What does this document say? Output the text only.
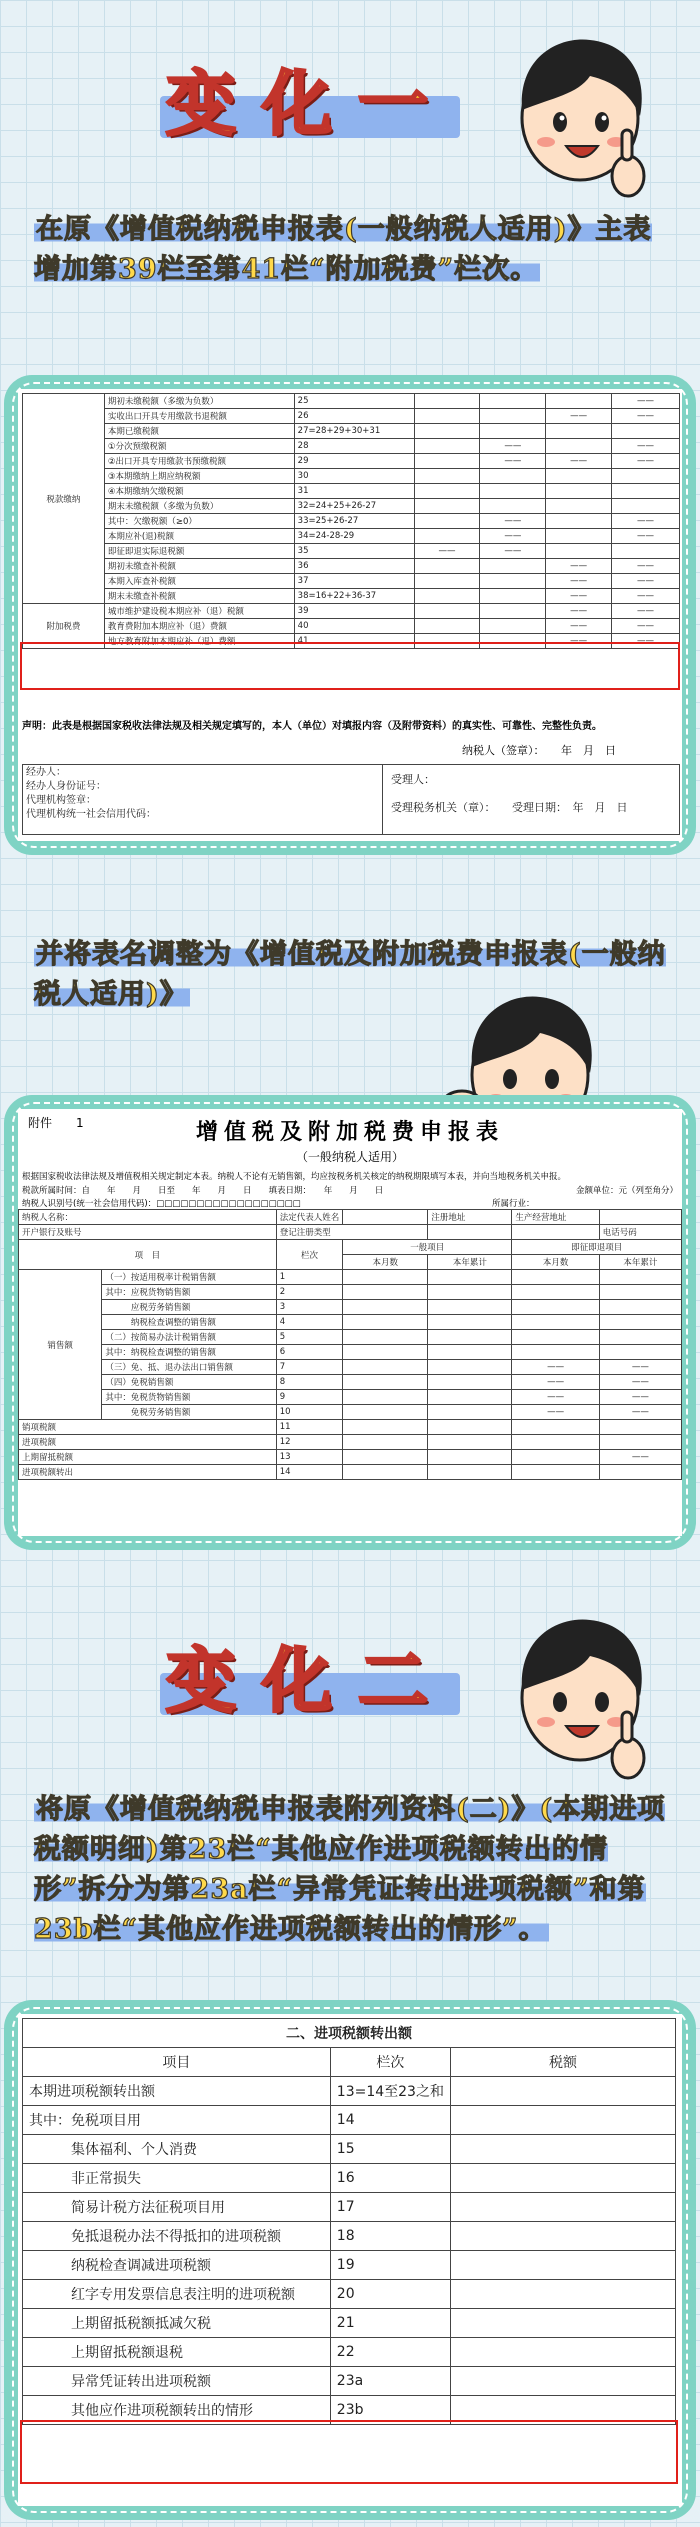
变化一
在原《增值税纳税申报表(一般纳税人适用)》主表增加第39栏至第41栏“附加税费”栏次。
税款缴纳	期初未缴税额（多缴为负数）	25				——
	实收出口开具专用缴款书退税额	26			——	——
	本期已缴税额	27=28+29+30+31				
	①分次预缴税额	28		——		——
	②出口开具专用缴款书预缴税额	29		——	——	——
	③本期缴纳上期应纳税额	30				
	④本期缴纳欠缴税额	31				
	期末未缴税额（多缴为负数）	32=24+25+26-27				
	其中：欠缴税额（≥0）	33=25+26-27		——		——
	本期应补(退)税额	34=24-28-29		——		——
	即征即退实际退税额	35	——	——		
	期初未缴查补税额	36			——	——
	本期入库查补税额	37			——	——
	期末未缴查补税额	38=16+22+36-37			——	——
附加税费	城市维护建设税本期应补（退）税额	39			——	——
	教育费附加本期应补（退）费额	40			——	——
	地方教育附加本期应补（退）费额	41			——	——
声明：此表是根据国家税收法律法规及相关规定填写的，本人（单位）对填报内容（及附带资料）的真实性、可靠性、完整性负责。
纳税人（签章）：　　年　月　日
经办人：
经办人身份证号：
代理机构签章：
代理机构统一社会信用代码：

受理人：
受理税务机关（章）：　　受理日期：　年　月　日
并将表名调整为《增值税及附加税费申报表(一般纳税人适用)》
附件　　1	增值税及附加税费申报表
（一般纳税人适用）
根据国家税收法律法规及增值税相关规定制定本表。纳税人不论有无销售额，均应按税务机关核定的纳税期限填写本表，并向当地税务机关申报。
税款所属时间：自　　年　　月　　日至　　年　　月　　日　　填表日期：　　年　　月　　日	金额单位：元（列至角分）
纳税人识别号(统一社会信用代码)：□□□□□□□□□□□□□□□□□□	所属行业：
纳税人名称：		法定代表人姓名		注册地址	生产经营地址	
开户银行及账号		登记注册类型				电话号码
项　目		栏次	一般项目		即征即退项目	
			本月数	本年累计	本月数	本年累计
销售额	（一）按适用税率计税销售额	1				
	其中：应税货物销售额	2				
	　　　应税劳务销售额	3				
	　　　纳税检查调整的销售额	4				
	（二）按简易办法计税销售额	5				
	其中：纳税检查调整的销售额	6				
	（三）免、抵、退办法出口销售额	7			——	——
	（四）免税销售额	8			——	——
	其中：免税货物销售额	9			——	——
	　　　免税劳务销售额	10			——	——
销项税额		11				
进项税额		12				
上期留抵税额		13				——
进项税额转出		14				
变化二
将原《增值税纳税申报表附列资料(二)》(本期进项税额明细)第23栏“其他应作进项税额转出的情形”拆分为第23a栏“异常凭证转出进项税额”和第23b栏“其他应作进项税额转出的情形”。
二、进项税额转出额		
项目	栏次	税额
本期进项税额转出额	13=14至23之和	
其中：免税项目用	14	
　　　集体福利、个人消费	15	
　　　非正常损失	16	
　　　简易计税方法征税项目用	17	
　　　免抵退税办法不得抵扣的进项税额	18	
　　　纳税检查调减进项税额	19	
　　　红字专用发票信息表注明的进项税额	20	
　　　上期留抵税额抵减欠税	21	
　　　上期留抵税额退税	22	
　　　异常凭证转出进项税额	23a	
　　　其他应作进项税额转出的情形	23b	
